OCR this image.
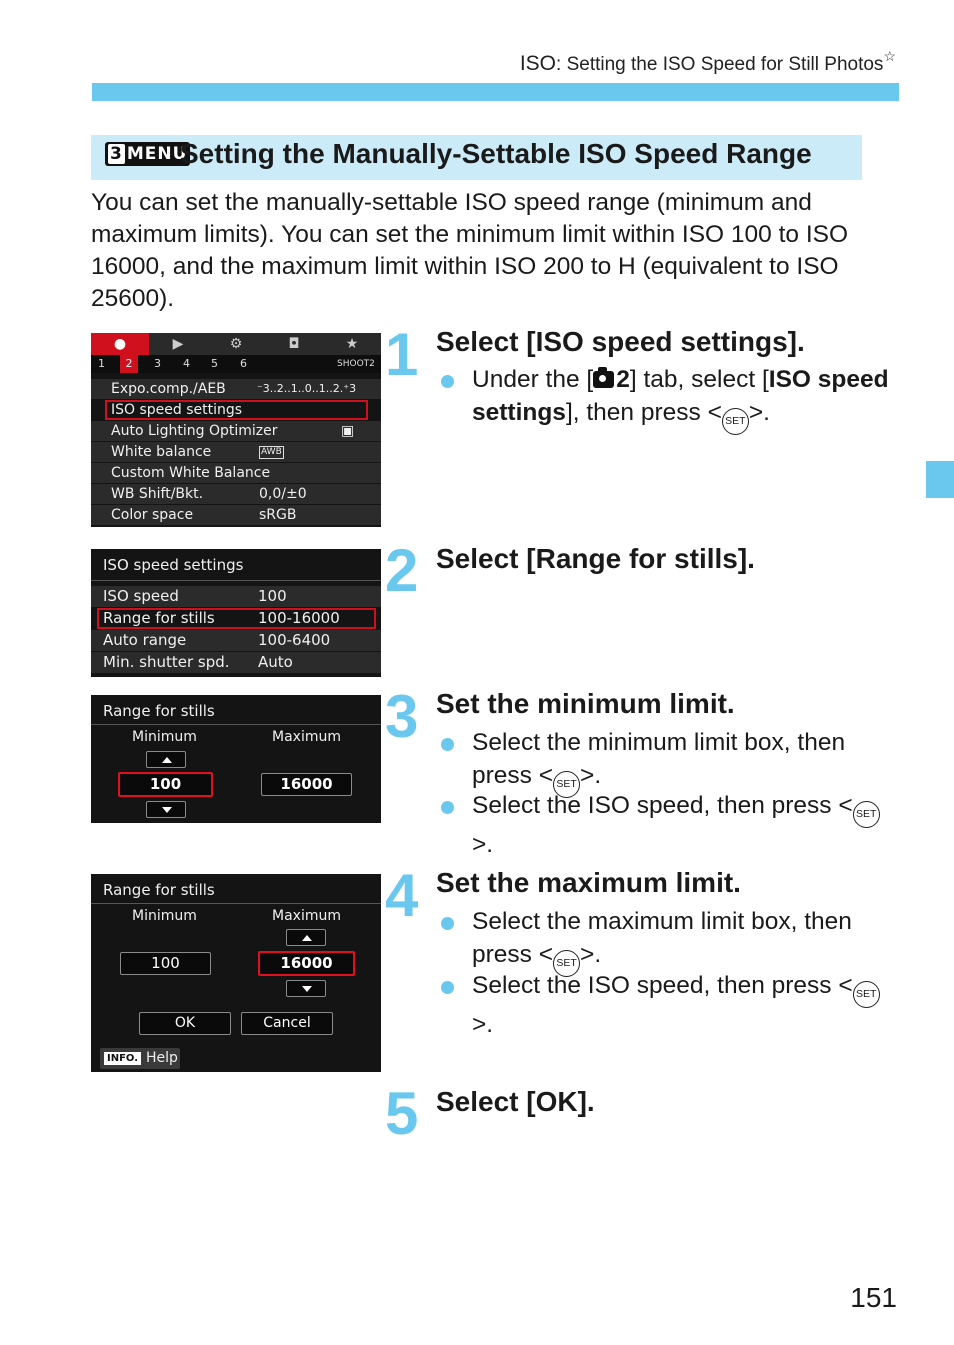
ISO: Setting the ISO Speed for Still Photos☆
3 MENU
Setting the Manually-Settable ISO Speed Range
You can set the manually-settable ISO speed range (minimum and maximum limits). You can set the minimum limit within ISO 100 to ISO 16000, and the maximum limit within ISO 200 to H (equivalent to ISO 25600).
●	▶	⚙	◘	★
1	2	3 4 5 6	SHOOT2
Expo.comp./AEB	⁻3..2..1..0..1..2.⁺3
ISO speed settings
Auto Lighting Optimizer	▣
White balance	AWB
Custom White Balance
WB Shift/Bkt.	0,0/±0
Color space	sRGB
ISO speed settings
ISO speed	100
Range for stills	100-16000
Auto range	100-6400
Min. shutter spd. Auto
Range for stills
Minimum	Maximum
100	16000
Range for stills
Minimum	Maximum
100	16000
OK	Cancel
INFO. Help
1 Select [ISO speed settings].
Under the [ 2] tab, select [ISO speed settings], then press < SET >.
2 Select [Range for stills].
3 Set the minimum limit.
Select the minimum limit box, then press < SET >.
Select the ISO speed, then press < SET>.
4 Set the maximum limit.
Select the maximum limit box, then press < SET >.
Select the ISO speed, then press < SET>.
5 Select [OK].
151
